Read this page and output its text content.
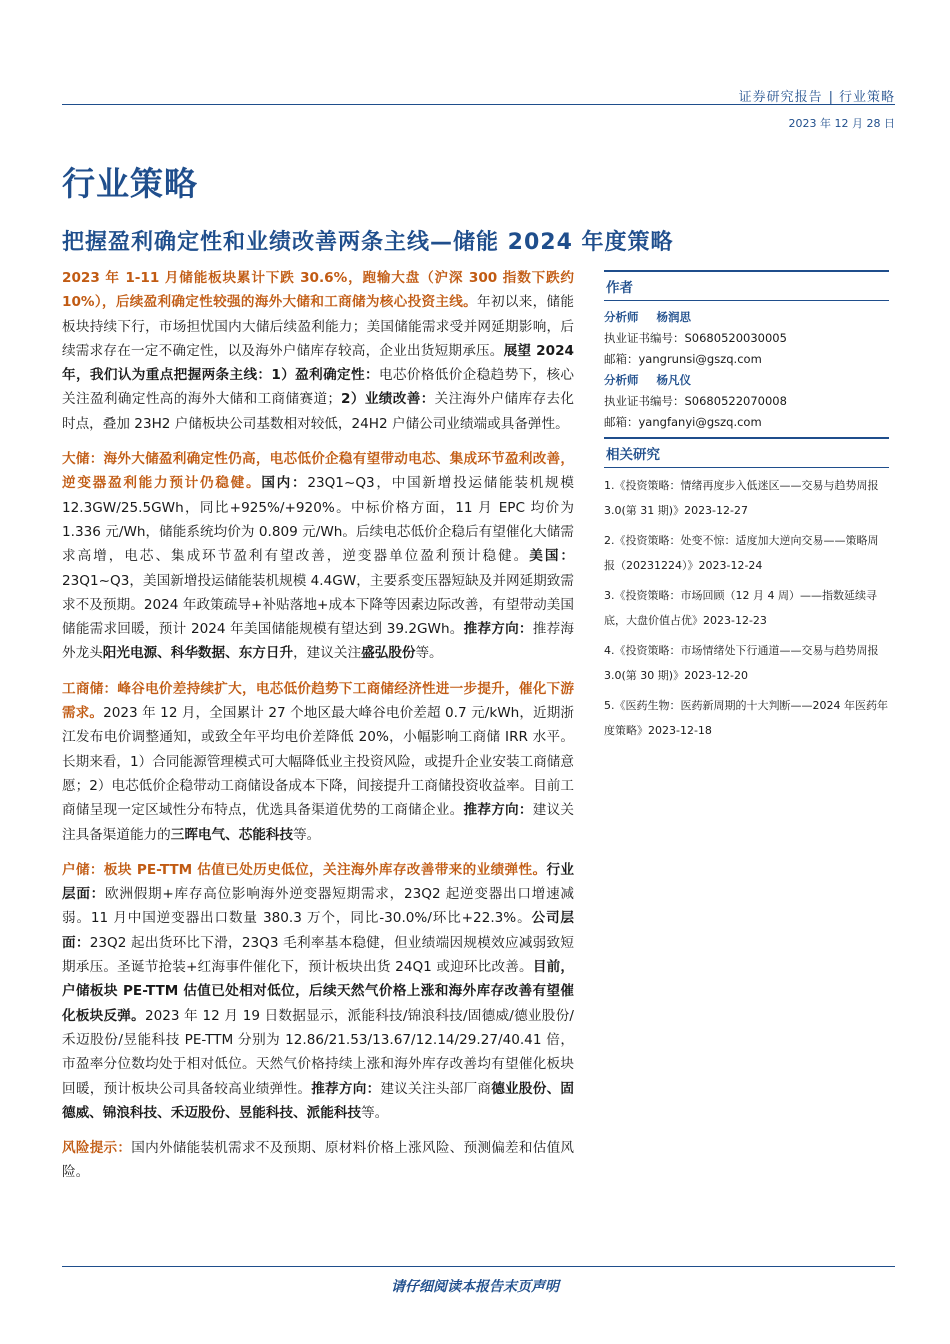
证券研究报告 | 行业策略
2023 年 12 月 28 日
行业策略
把握盈利确定性和业绩改善两条主线—储能 2024 年度策略

2023 年 1-11 月储能板块累计下跌 30.6%，跑输大盘（沪深 300 指数下跌约 10%），后续盈利确定性较强的海外大储和工商储为核心投资主线。年初以来，储能板块持续下行，市场担忧国内大储后续盈利能力；美国储能需求受并网延期影响，后续需求存在一定不确定性，以及海外户储库存较高，企业出货短期承压。展望 2024 年，我们认为重点把握两条主线：1）盈利确定性：电芯价格低价企稳趋势下，核心关注盈利确定性高的海外大储和工商储赛道；2）业绩改善：关注海外户储库存去化时点，叠加 23H2 户储板块公司基数相对较低，24H2 户储公司业绩端或具备弹性。

大储：海外大储盈利确定性仍高，电芯低价企稳有望带动电芯、集成环节盈利改善，逆变器盈利能力预计仍稳健。国内：23Q1~Q3，中国新增投运储能装机规模 12.3GW/25.5GWh，同比+925%/+920%。中标价格方面，11 月 EPC 均价为 1.336 元/Wh，储能系统均价为 0.809 元/Wh。后续电芯低价企稳后有望催化大储需求高增，电芯、集成环节盈利有望改善，逆变器单位盈利预计稳健。美国：23Q1~Q3，美国新增投运储能装机规模 4.4GW，主要系变压器短缺及并网延期致需求不及预期。2024 年政策疏导+补贴落地+成本下降等因素边际改善，有望带动美国储能需求回暖，预计 2024 年美国储能规模有望达到 39.2GWh。推荐方向：推荐海外龙头阳光电源、科华数据、东方日升，建议关注盛弘股份等。

工商储：峰谷电价差持续扩大，电芯低价趋势下工商储经济性进一步提升，催化下游需求。2023 年 12 月，全国累计 27 个地区最大峰谷电价差超 0.7 元/kWh，近期浙江发布电价调整通知，或致全年平均电价差降低 20%，小幅影响工商储 IRR 水平。长期来看，1）合同能源管理模式可大幅降低业主投资风险，或提升企业安装工商储意愿；2）电芯低价企稳带动工商储设备成本下降，间接提升工商储投资收益率。目前工商储呈现一定区域性分布特点，优选具备渠道优势的工商储企业。推荐方向：建议关注具备渠道能力的三晖电气、芯能科技等。

户储：板块 PE-TTM 估值已处历史低位，关注海外库存改善带来的业绩弹性。行业层面：欧洲假期+库存高位影响海外逆变器短期需求，23Q2 起逆变器出口增速减弱。11 月中国逆变器出口数量 380.3 万个，同比-30.0%/环比+22.3%。公司层面：23Q2 起出货环比下滑，23Q3 毛利率基本稳健，但业绩端因规模效应减弱致短期承压。圣诞节抢装+红海事件催化下，预计板块出货 24Q1 或迎环比改善。目前，户储板块 PE-TTM 估值已处相对低位，后续天然气价格上涨和海外库存改善有望催化板块反弹。2023 年 12 月 19 日数据显示，派能科技/锦浪科技/固德威/德业股份/禾迈股份/昱能科技 PE-TTM 分别为 12.86/21.53/13.67/12.14/29.27/40.41 倍，市盈率分位数均处于相对低位。天然气价格持续上涨和海外库存改善均有望催化板块回暖，预计板块公司具备较高业绩弹性。推荐方向：建议关注头部厂商德业股份、固德威、锦浪科技、禾迈股份、昱能科技、派能科技等。

风险提示：国内外储能装机需求不及预期、原材料价格上涨风险、预测偏差和估值风险。

作者
分析师 杨润思
执业证书编号：S0680520030005
邮箱：yangrunsi@gszq.com
分析师 杨凡仪
执业证书编号：S0680522070008
邮箱：yangfanyi@gszq.com
相关研究
1.《投资策略：情绪再度步入低迷区——交易与趋势周报 3.0(第 31 期)》2023-12-27
2.《投资策略：处变不惊：适度加大逆向交易——策略周报（20231224）》2023-12-24
3.《投资策略：市场回顾（12 月 4 周）——指数延续寻底，大盘价值占优》2023-12-23
4.《投资策略：市场情绪处下行通道——交易与趋势周报 3.0(第 30 期)》2023-12-20
5.《医药生物：医药新周期的十大判断——2024 年医药年度策略》2023-12-18
请仔细阅读本报告末页声明
